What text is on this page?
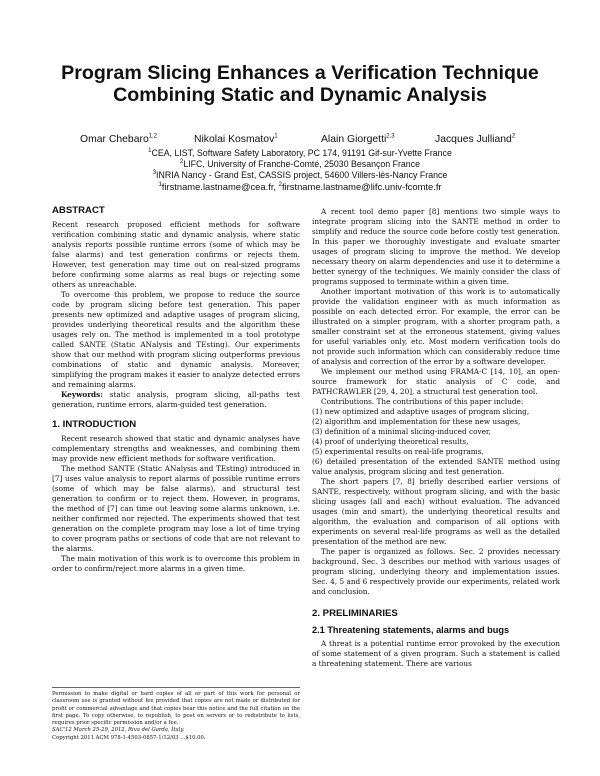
Program Slicing Enhances a Verification Technique
Combining Static and Dynamic Analysis
Omar Chebaro$^{1,2}$	Nikolai Kosmatov$^1$	Alain Giorgetti$^{2,3}$	Jacques Julliand$^2$
$^1$CEA, LIST, Software Safety Laboratory, PC 174, 91191 Gif-sur-Yvette France
$^2$LIFC, University of Franche-Comté, 25030 Besançon France
$^3$INRIA Nancy - Grand Est, CASSIS project, 54600 Villers-lès-Nancy France
$^1$firstname.lastname@cea.fr, $^2$firstname.lastname@lifc.univ-fcomte.fr
ABSTRACT

Recent research proposed efficient methods for software verification combining static and dynamic analysis, where static analysis reports possible runtime errors (some of which may be false alarms) and test generation confirms or rejects them. However, test generation may time out on real-sized programs before confirming some alarms as real bugs or rejecting some others as unreachable.

To overcome this problem, we propose to reduce the source code by program slicing before test generation. This paper presents new optimized and adaptive usages of program slicing, provides underlying theoretical results and the algorithm these usages rely on. The method is implemented in a tool prototype called SANTE (Static ANalysis and TEsting). Our experiments show that our method with program slicing outperforms previous combinations of static and dynamic analysis. Moreover, simplifying the program makes it easier to analyze detected errors and remaining alarms.

Keywords: static analysis, program slicing, all-paths test generation, runtime errors, alarm-guided test generation.

1. INTRODUCTION

Recent research showed that static and dynamic analyses have complementary strengths and weaknesses, and combining them may provide new efficient methods for software verification.

The method SANTE (Static ANalysis and TEsting) introduced in [7] uses value analysis to report alarms of possible runtime errors (some of which may be false alarms), and structural test generation to confirm or to reject them. However, in programs, the method of [7] can time out leaving some alarms unknown, i.e. neither confirmed nor rejected. The experiments showed that test generation on the complete program may lose a lot of time trying to cover program paths or sections of code that are not relevant to the alarms.

The main motivation of this work is to overcome this problem in order to confirm/reject more alarms in a given time.

Permission to make digital or hard copies of all or part of this work for personal or classroom use is granted without fee provided that copies are not made or distributed for profit or commercial advantage and that copies bear this notice and the full citation on the first page. To copy otherwise, to republish, to post on servers or to redistribute to lists, requires prior specific permission and/or a fee.
SAC'12 March 25-29, 2012, Riva del Garda, Italy.
Copyright 2011 ACM 978-1-4503-0857-1/12/03 ...$10.00.

A recent tool demo paper [8] mentions two simple ways to integrate program slicing into the SANTE method in order to simplify and reduce the source code before costly test generation. In this paper we thoroughly investigate and evaluate smarter usages of program slicing to improve the method. We develop necessary theory on alarm dependencies and use it to determine a better synergy of the techniques. We mainly consider the class of programs supposed to terminate within a given time.

Another important motivation of this work is to automatically provide the validation engineer with as much information as possible on each detected error. For example, the error can be illustrated on a simpler program, with a shorter program path, a smaller constraint set at the erroneous statement, giving values for useful variables only, etc. Most modern verification tools do not provide such information which can considerably reduce time of analysis and correction of the error by a software developer.

We implement our method using FRAMA-C [14, 10], an open-source framework for static analysis of C code, and PATHCRAWLER [29, 4, 20], a structural test generation tool.

Contributions. The contributions of this paper include:

(1) new optimized and adaptive usages of program slicing,
(2) algorithm and implementation for these new usages,
(3) definition of a minimal slicing-induced cover,
(4) proof of underlying theoretical results,
(5) experimental results on real-life programs,
(6) detailed presentation of the extended SANTE method using value analysis, program slicing and test generation.

The short papers [7, 8] briefly described earlier versions of SANTE, respectively, without program slicing, and with the basic slicing usages (all and each) without evaluation. The advanced usages (min and smart), the underlying theoretical results and algorithm, the evaluation and comparison of all options with experiments on several real-life programs as well as the detailed presentation of the method are new.

The paper is organized as follows. Sec. 2 provides necessary background. Sec. 3 describes our method with various usages of program slicing, underlying theory and implementation issues. Sec. 4, 5 and 6 respectively provide our experiments, related work and conclusion.

2. PRELIMINARIES
2.1 Threatening statements, alarms and bugs

A threat is a potential runtime error provoked by the execution of some statement of a given program. Such a statement is called a threatening statement. There are various
